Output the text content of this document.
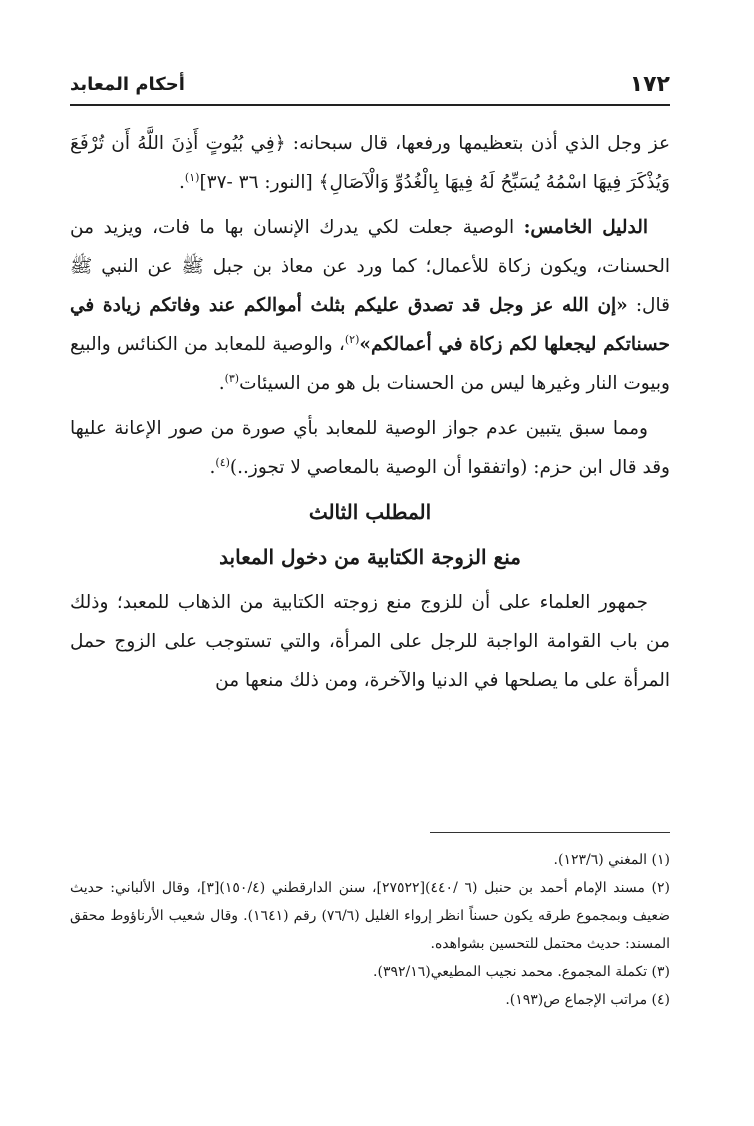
١٧٢
أحكام المعابد

عز وجل الذي أذن بتعظيمها ورفعها، قال سبحانه: ﴿فِي بُيُوتٍ أَذِنَ اللَّهُ أَن تُرْفَعَ وَيُذْكَرَ فِيهَا اسْمُهُ يُسَبِّحُ لَهُ فِيهَا بِالْغُدُوِّ وَالْآصَالِ﴾ [النور: ٣٦ -٣٧]$^{(١)}$.

الدليل الخامس: الوصية جعلت لكي يدرك الإنسان بها ما فات، ويزيد من الحسنات، ويكون زكاة للأعمال؛ كما ورد عن معاذ بن جبل ﷺ عن النبي ﷺ قال: «إن الله عز وجل قد تصدق عليكم بثلث أموالكم عند وفاتكم زيادة في حسناتكم ليجعلها لكم زكاة في أعمالكم»$^{(٢)}$، والوصية للمعابد من الكنائس والبيع وبيوت النار وغيرها ليس من الحسنات بل هو من السيئات$^{(٣)}$.

ومما سبق يتبين عدم جواز الوصية للمعابد بأي صورة من صور الإعانة عليها وقد قال ابن حزم: (واتفقوا أن الوصية بالمعاصي لا تجوز..)$^{(٤)}$.

المطلب الثالث

منع الزوجة الكتابية من دخول المعابد

جمهور العلماء على أن للزوج منع زوجته الكتابية من الذهاب للمعبد؛ وذلك من باب القوامة الواجبة للرجل على المرأة، والتي تستوجب على الزوج حمل المرأة على ما يصلحها في الدنيا والآخرة، ومن ذلك منعها من

(١) المغني (١٢٣/٦).
(٢) مسند الإمام أحمد بن حنبل (٦ /٤٤٠)[٢٧٥٢٢]، سنن الدارقطني (١٥٠/٤)[٣]، وقال الألباني: حديث ضعيف وبمجموع طرقه يكون حسناً انظر إرواء الغليل (٧٦/٦) رقم (١٦٤١). وقال شعيب الأرناؤوط محقق المسند: حديث محتمل للتحسين بشواهده.
(٣) تكملة المجموع. محمد نجيب المطيعي(٣٩٢/١٦).
(٤) مراتب الإجماع ص(١٩٣).
